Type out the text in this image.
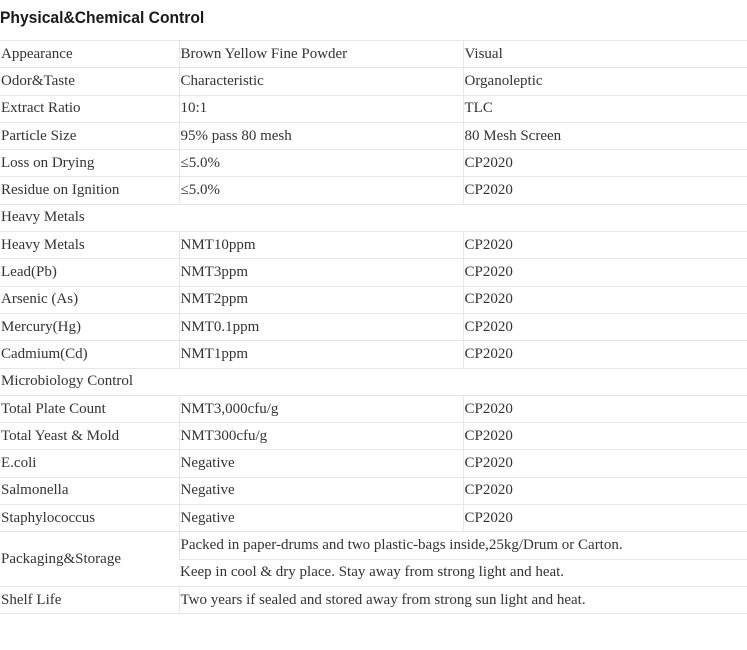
Physical&Chemical Control
Appearance	Brown Yellow Fine Powder	Visual
Odor&Taste	Characteristic	Organoleptic
Extract Ratio	10:1	TLC
Particle Size	95% pass 80 mesh	80 Mesh Screen
Loss on Drying	≤5.0%	CP2020
Residue on Ignition	≤5.0%	CP2020
Heavy Metals		
Heavy Metals	NMT10ppm	CP2020
Lead(Pb)	NMT3ppm	CP2020
Arsenic (As)	NMT2ppm	CP2020
Mercury(Hg)	NMT0.1ppm	CP2020
Cadmium(Cd)	NMT1ppm	CP2020
Microbiology Control		
Total Plate Count	NMT3,000cfu/g	CP2020
Total Yeast & Mold	NMT300cfu/g	CP2020
E.coli	Negative	CP2020
Salmonella	Negative	CP2020
Staphylococcus	Negative	CP2020
Packaging&Storage	Packed in paper-drums and two plastic-bags inside,25kg/Drum or Carton.	
	Keep in cool & dry place. Stay away from strong light and heat.	
Shelf Life	Two years if sealed and stored away from strong sun light and heat.	
